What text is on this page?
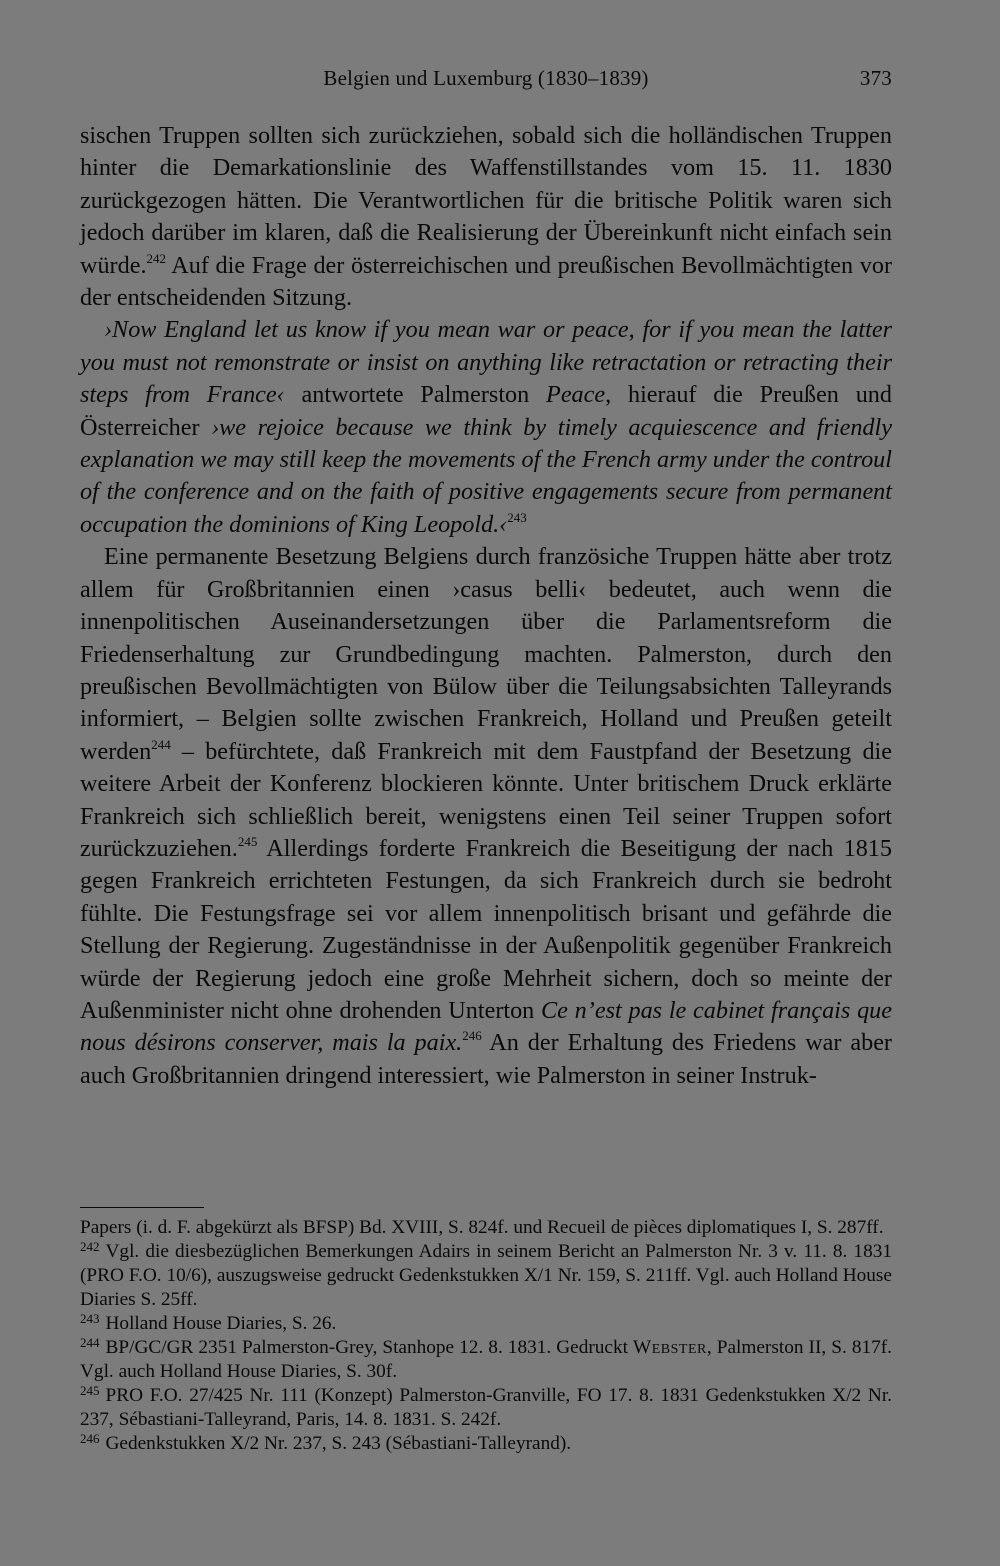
Belgien und Luxemburg (1830–1839)	373

sischen Truppen sollten sich zurückziehen, sobald sich die holländischen Truppen hinter die Demarkationslinie des Waffenstillstandes vom 15. 11. 1830 zurückgezogen hätten. Die Verantwortlichen für die britische Politik waren sich jedoch darüber im klaren, daß die Realisierung der Übereinkunft nicht einfach sein würde.$^{242}$ Auf die Frage der österreichischen und preußischen Bevollmächtigten vor der entscheidenden Sitzung.

›Now England let us know if you mean war or peace, for if you mean the latter you must not remonstrate or insist on anything like retractation or retracting their steps from France‹ antwortete Palmerston Peace, hierauf die Preußen und Österreicher ›we rejoice because we think by timely acquiescence and friendly explanation we may still keep the movements of the French army under the controul of the conference and on the faith of positive engagements secure from permanent occupation the dominions of King Leopold.‹$^{243}$

Eine permanente Besetzung Belgiens durch französiche Truppen hätte aber trotz allem für Großbritannien einen ›casus belli‹ bedeutet, auch wenn die innenpolitischen Auseinandersetzungen über die Parlamentsreform die Friedenserhaltung zur Grundbedingung machten. Palmerston, durch den preußischen Bevollmächtigten von Bülow über die Teilungsabsichten Talleyrands informiert, – Belgien sollte zwischen Frankreich, Holland und Preußen geteilt werden$^{244}$ – befürchtete, daß Frankreich mit dem Faustpfand der Besetzung die weitere Arbeit der Konferenz blockieren könnte. Unter britischem Druck erklärte Frankreich sich schließlich bereit, wenigstens einen Teil seiner Truppen sofort zurückzuziehen.$^{245}$ Allerdings forderte Frankreich die Beseitigung der nach 1815 gegen Frankreich errichteten Festungen, da sich Frankreich durch sie bedroht fühlte. Die Festungsfrage sei vor allem innenpolitisch brisant und gefährde die Stellung der Regierung. Zugeständnisse in der Außenpolitik gegenüber Frankreich würde der Regierung jedoch eine große Mehrheit sichern, doch so meinte der Außenminister nicht ohne drohenden Unterton Ce n’est pas le cabinet français que nous désirons conserver, mais la paix.$^{246}$ An der Erhaltung des Friedens war aber auch Großbritannien dringend interessiert, wie Palmerston in seiner Instruk-

Papers (i. d. F. abgekürzt als BFSP) Bd. XVIII, S. 824f. und Recueil de pièces diplomatiques I, S. 287ff.

$^{242}$ Vgl. die diesbezüglichen Bemerkungen Adairs in seinem Bericht an Palmerston Nr. 3 v. 11. 8. 1831 (PRO F.O. 10/6), auszugsweise gedruckt Gedenkstukken X/1 Nr. 159, S. 211ff. Vgl. auch Holland House Diaries S. 25ff.

$^{243}$ Holland House Diaries, S. 26.

$^{244}$ BP/GC/GR 2351 Palmerston-Grey, Stanhope 12. 8. 1831. Gedruckt Webster, Palmerston II, S. 817f. Vgl. auch Holland House Diaries, S. 30f.

$^{245}$ PRO F.O. 27/425 Nr. 111 (Konzept) Palmerston-Granville, FO 17. 8. 1831 Gedenkstukken X/2 Nr. 237, Sébastiani-Talleyrand, Paris, 14. 8. 1831. S. 242f.

$^{246}$ Gedenkstukken X/2 Nr. 237, S. 243 (Sébastiani-Talleyrand).
